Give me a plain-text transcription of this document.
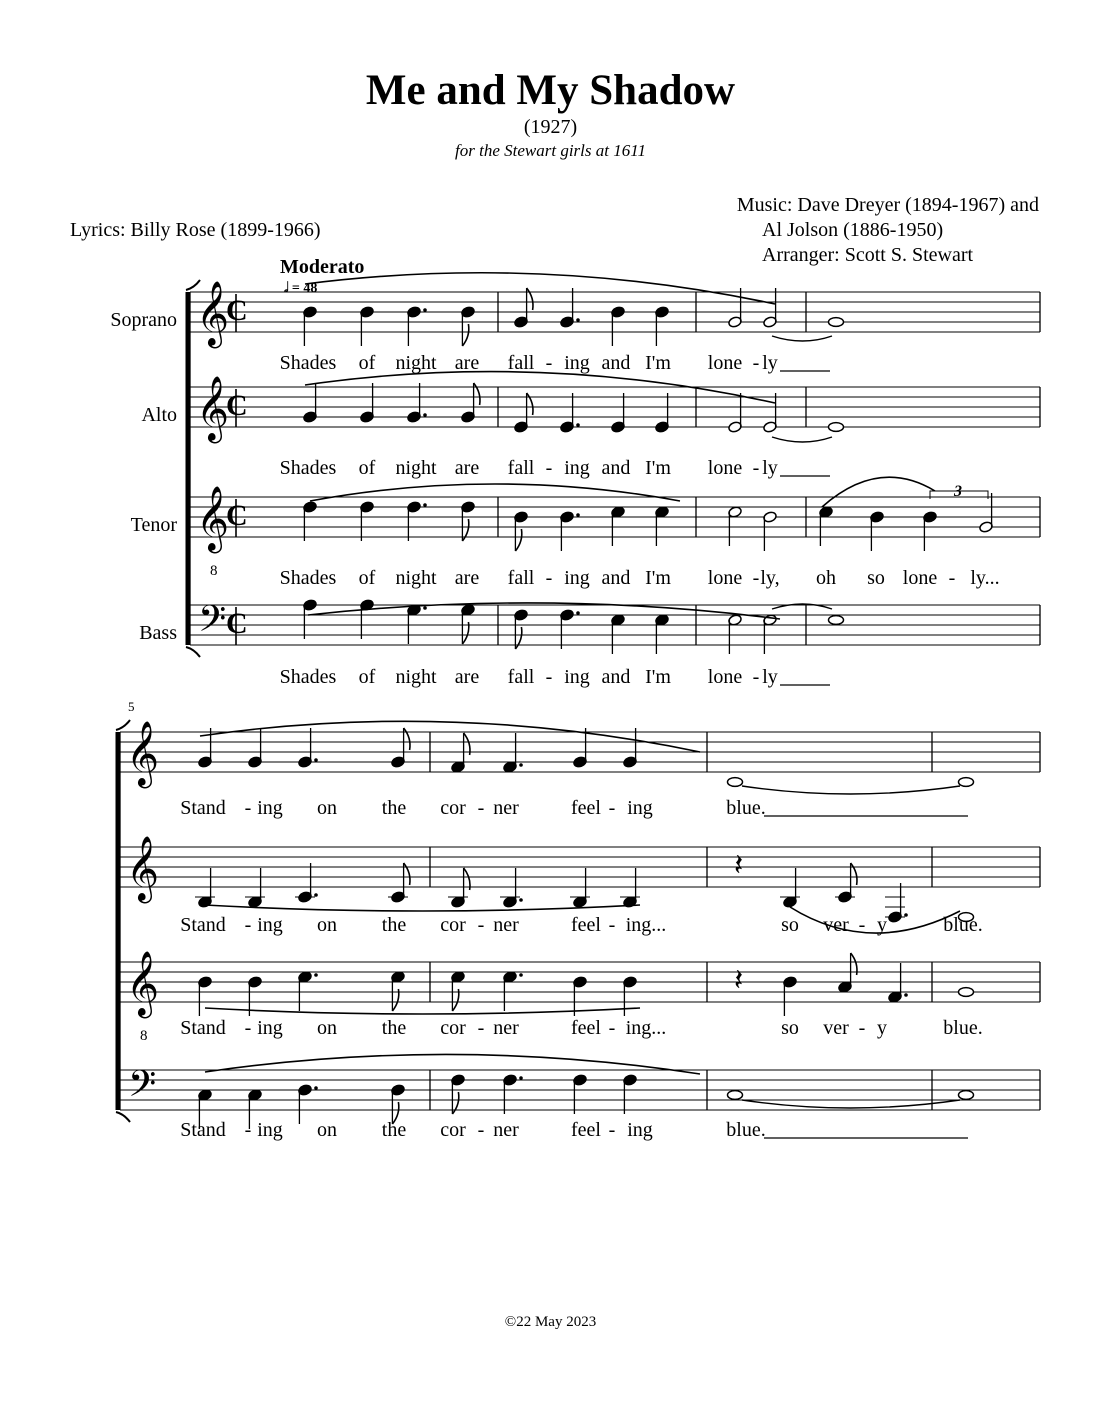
Me and My Shadow
(1927)
for the Stewart girls at 1611
Lyrics: Billy Rose (1899-1966)
Music: Dave Dreyer (1894-1967) and
Al Jolson (1886-1950)
Arranger: Scott S. Stewart
Moderato
©22 May 2023
𝄞
C
Soprano
𝄞
C
Alto
𝄞
8
C
Tenor
𝄢 C
Bass
𝅗𝅥 = 48
3
Shades of night are fall - ing and I'm lone - ly
Shades of night are fall - ing and I'm lone - ly
Shades of night are fall - ing and I'm lone - ly, oh so lone - ly...
Shades of night are fall - ing and I'm lone - ly
𝄞
𝄞
𝄞
8
𝄢
5
𝄽
𝄽
Stand - ing on the cor - ner	feel - ing	blue.
Stand - ing on the cor - ner	feel - ing	blue.
Stand - ing on the cor - ner	feel - ing...	so ver - y	blue.
Stand - ing on the cor - ner	feel - ing...	so ver - y	blue.
